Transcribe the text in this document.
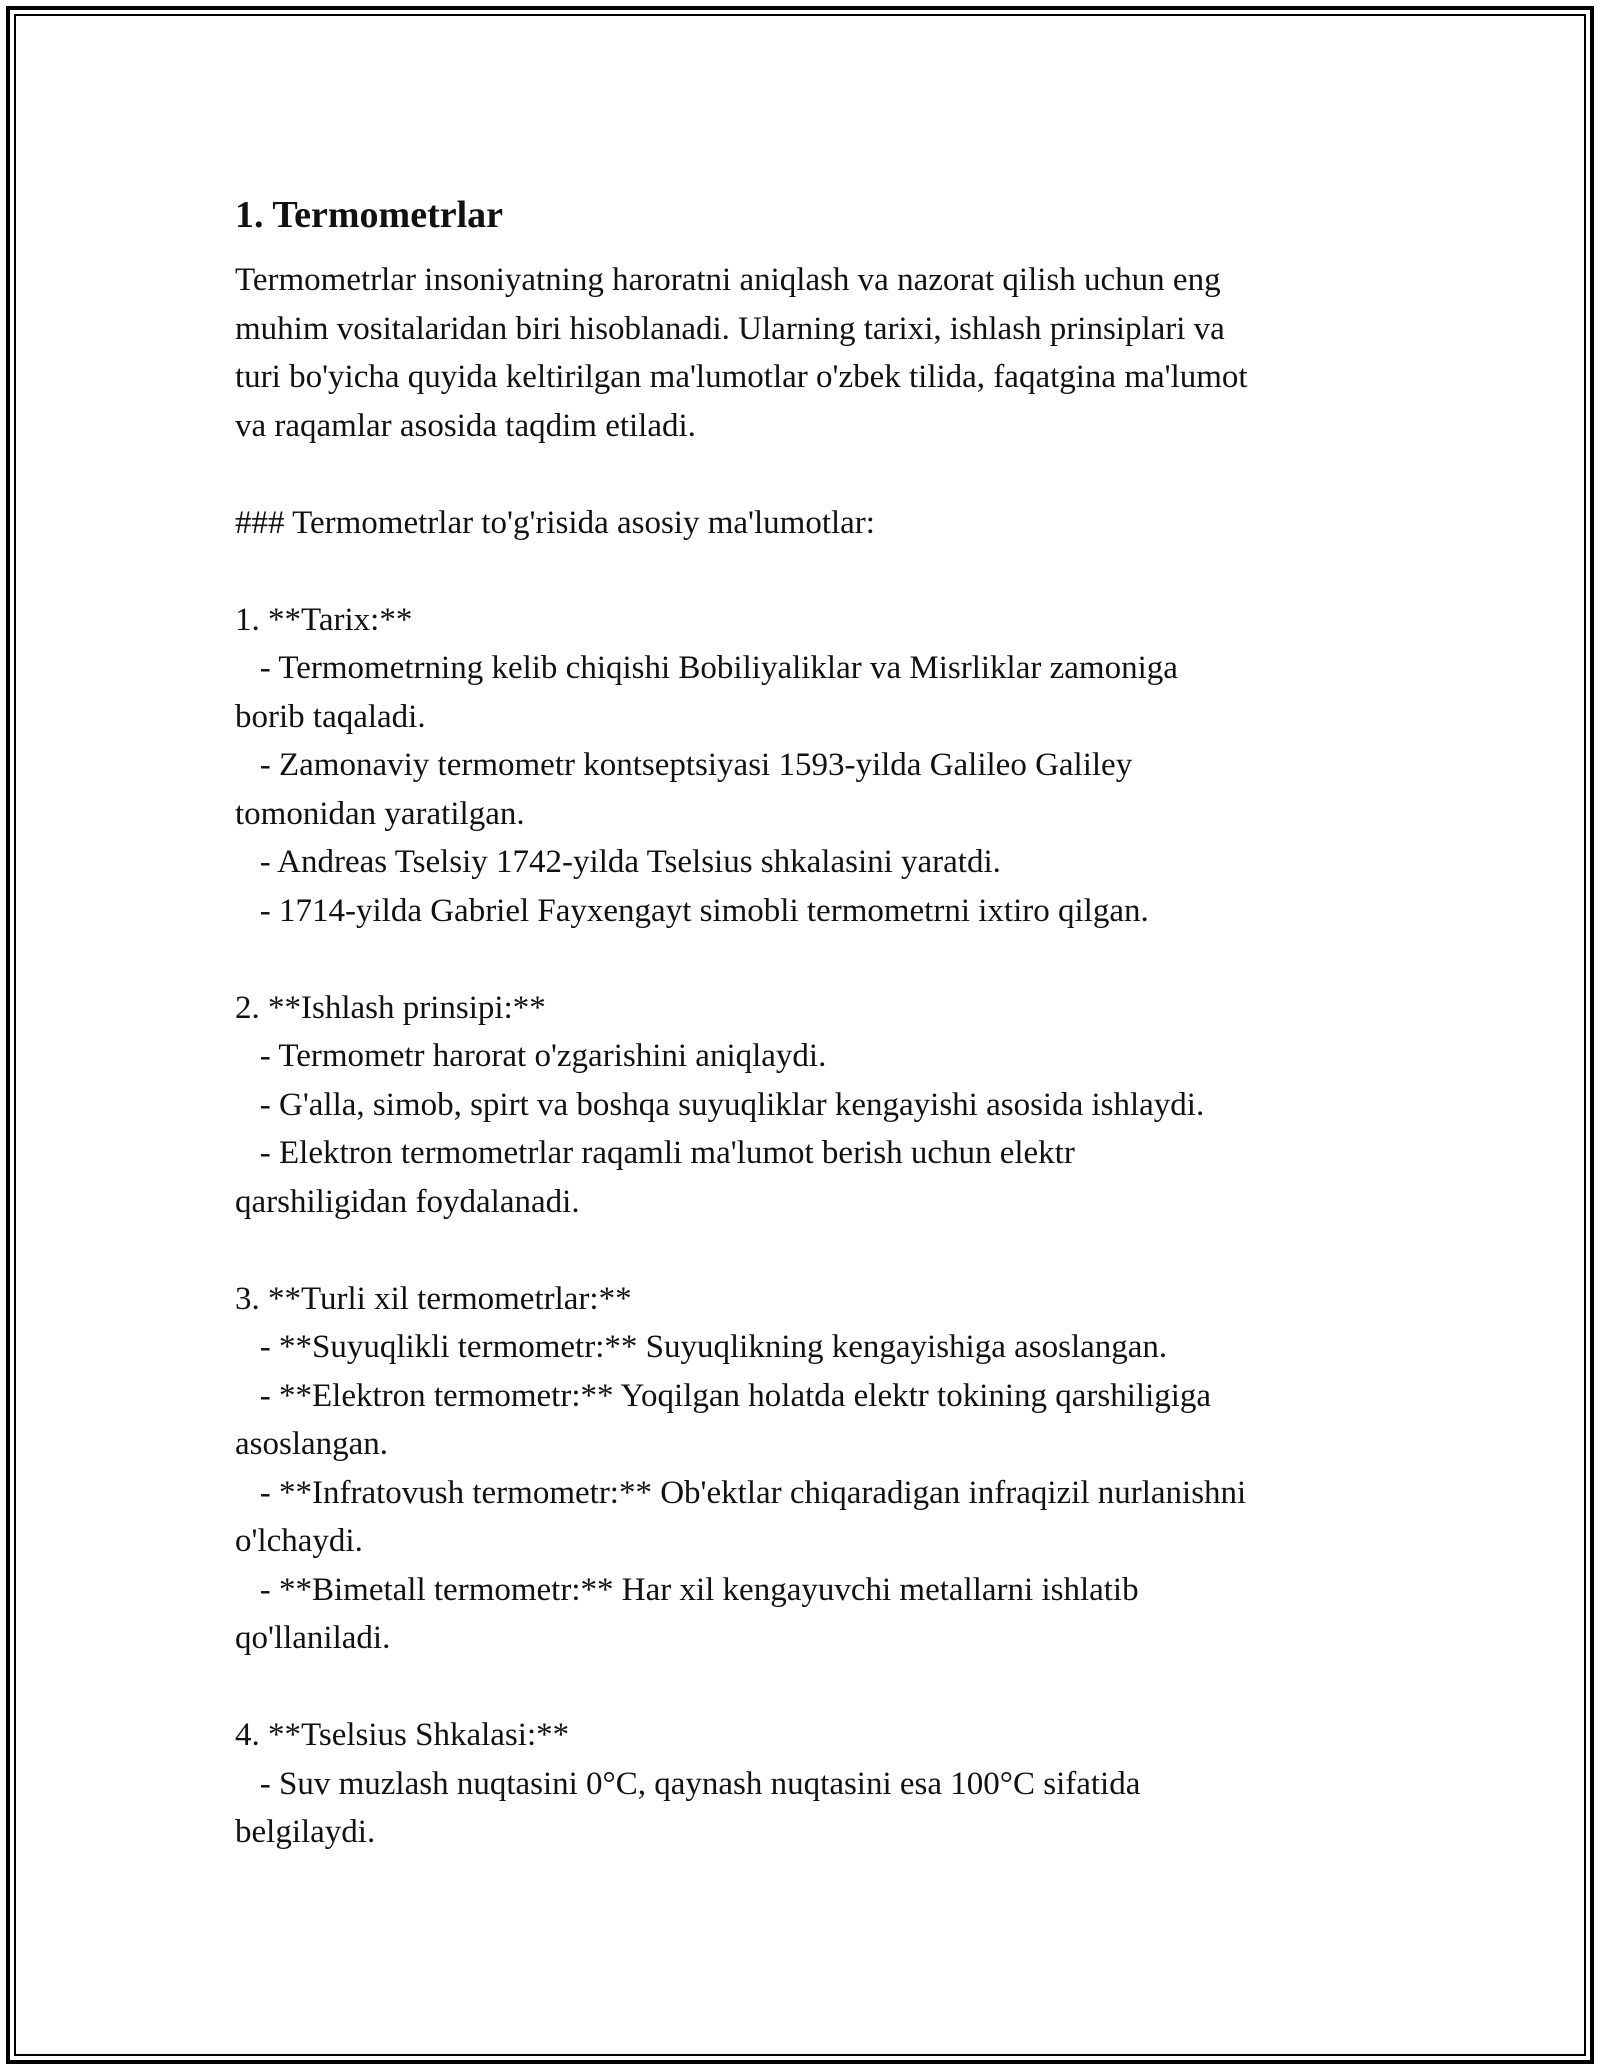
1. Termometrlar

Termometrlar insoniyatning haroratni aniqlash va nazorat qilish uchun eng
muhim vositalaridan biri hisoblanadi. Ularning tarixi, ishlash prinsiplari va
turi bo'yicha quyida keltirilgan ma'lumotlar o'zbek tilida, faqatgina ma'lumot
va raqamlar asosida taqdim etiladi.

### Termometrlar to'g'risida asosiy ma'lumotlar:

1. **Tarix:**
- Termometrning kelib chiqishi Bobiliyaliklar va Misrliklar zamoniga
borib taqaladi.
- Zamonaviy termometr kontseptsiyasi 1593-yilda Galileo Galiley
tomonidan yaratilgan.
- Andreas Tselsiy 1742-yilda Tselsius shkalasini yaratdi.
- 1714-yilda Gabriel Fayxengayt simobli termometrni ixtiro qilgan.

2. **Ishlash prinsipi:**
- Termometr harorat o'zgarishini aniqlaydi.
- G'alla, simob, spirt va boshqa suyuqliklar kengayishi asosida ishlaydi.
- Elektron termometrlar raqamli ma'lumot berish uchun elektr
qarshiligidan foydalanadi.

3. **Turli xil termometrlar:**
- **Suyuqlikli termometr:** Suyuqlikning kengayishiga asoslangan.
- **Elektron termometr:** Yoqilgan holatda elektr tokining qarshiligiga
asoslangan.
- **Infratovush termometr:** Ob'ektlar chiqaradigan infraqizil nurlanishni
o'lchaydi.
- **Bimetall termometr:** Har xil kengayuvchi metallarni ishlatib
qo'llaniladi.

4. **Tselsius Shkalasi:**
- Suv muzlash nuqtasini 0°C, qaynash nuqtasini esa 100°C sifatida
belgilaydi.
